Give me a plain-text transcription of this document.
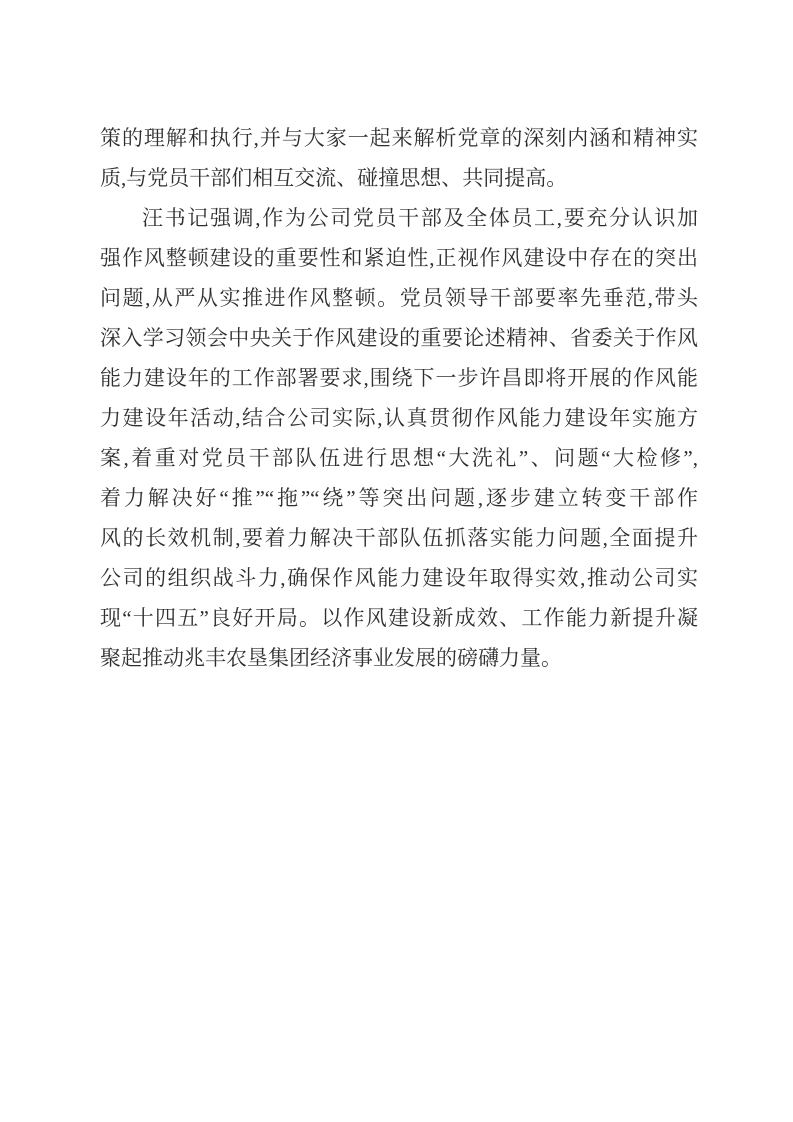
策的理解和执行,并与大家一起来解析党章的深刻内涵和精神实
质,与党员干部们相互交流、碰撞思想、共同提高。
汪书记强调,作为公司党员干部及全体员工,要充分认识加
强作风整顿建设的重要性和紧迫性,正视作风建设中存在的突出
问题,从严从实推进作风整顿。党员领导干部要率先垂范,带头
深入学习领会中央关于作风建设的重要论述精神、省委关于作风
能力建设年的工作部署要求,围绕下一步许昌即将开展的作风能
力建设年活动,结合公司实际,认真贯彻作风能力建设年实施方
案,着重对党员干部队伍进行思想“大洗礼”、问题“大检修”,
着力解决好“推”“拖”“绕”等突出问题,逐步建立转变干部作
风的长效机制,要着力解决干部队伍抓落实能力问题,全面提升
公司的组织战斗力,确保作风能力建设年取得实效,推动公司实
现“十四五”良好开局。以作风建设新成效、工作能力新提升凝
聚起推动兆丰农垦集团经济事业发展的磅礴力量。
